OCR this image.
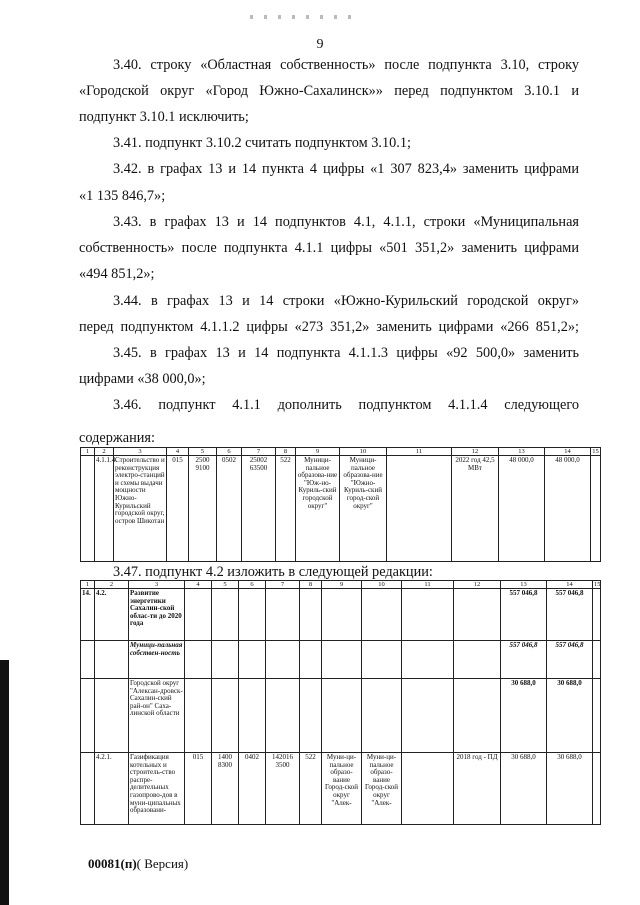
9
3.40. строку «Областная собственность» после подпункта 3.10, строку
«Городской округ «Город Южно-Сахалинск»» перед подпунктом 3.10.1 и
подпункт 3.10.1 исключить;
3.41. подпункт 3.10.2 считать подпунктом 3.10.1;
3.42. в графах 13 и 14 пункта 4 цифры «1 307 823,4» заменить цифрами
«1 135 846,7»;
3.43. в графах 13 и 14 подпунктов 4.1, 4.1.1, строки «Муниципальная
собственность» после подпункта 4.1.1 цифры «501 351,2» заменить цифрами
«494 851,2»;
3.44. в графах 13 и 14 строки «Южно-Курильский городской округ»
перед подпунктом 4.1.1.2 цифры «273 351,2» заменить цифрами «266 851,2»;
3.45. в графах 13 и 14 подпункта 4.1.1.3 цифры «92 500,0» заменить
цифрами «38 000,0»;
3.46. подпункт 4.1.1 дополнить подпунктом 4.1.1.4 следующего
содержания:
1	2	3	4	5	6	7	8	9	10	11	12	13	14	15
	4.1.1.4.	Строительство и реконструкция электро-станций и схемы выдачи мощности Южно-Курильский городской округ, остров Шикотан	015	2500 9100	0502	25002 63500	522	Муници-пальное образова-ние "Юж-но-Куриль-ский городской округ"	Муници-пальное образова-ние "Южно-Куриль-ский город-ской округ"		2022 год 42,5 МВт	48 000,0	48 000,0	
3.47. подпункт 4.2 изложить в следующей редакции:
1	2	3	4	5	6	7	8	9	10	11	12	13	14	15
14.	4.2.	Развитие энергетики Сахалин-ской облас-ти до 2020 года										557 046,8	557 046,8	
		Муници-пальная собствен-ность										557 046,8	557 046,8	
		Городской округ "Алексан-дровск-Сахалин-ский рай-он" Саха-линской области										30 688,0	30 688,0	
	4.2.1.	Газификация котельных и строитель-ство распре-делительных газопрово-дов в муни-ципальных образовани-	015	1400 8300	0402	142016 3500	522	Муни-ци-пальное образо-вание Город-ской округ "Алек-	Муни-ци-пальное образо-вание Город-ской округ "Алек-		2018 год - ПД	30 688,0	30 688,0	
00081(п)( Версия)
